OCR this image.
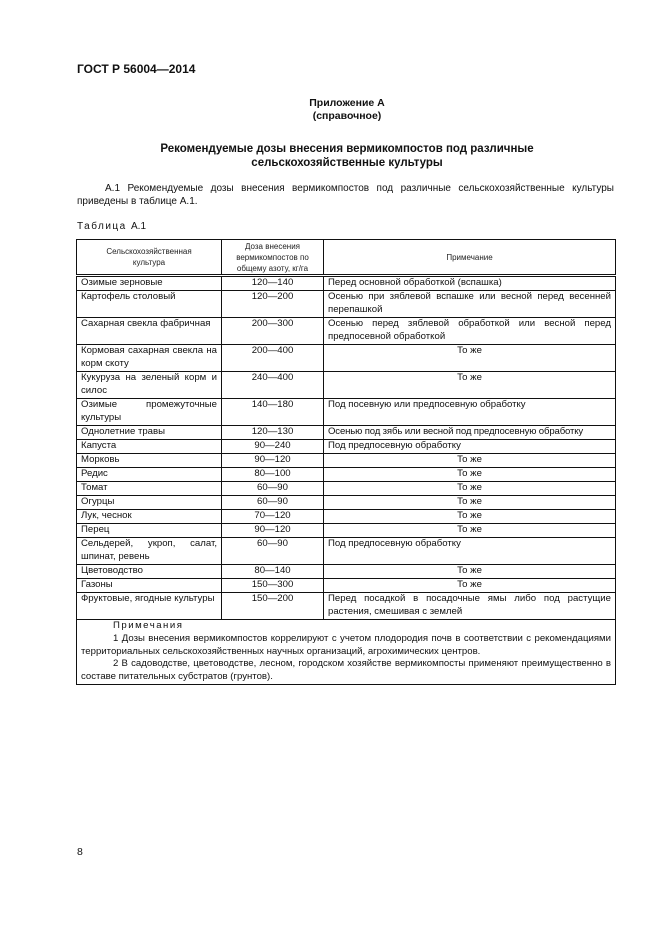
ГОСТ Р 56004—2014
Приложение А
(справочное)
Рекомендуемые дозы внесения вермикомпостов под различные
сельскохозяйственные культуры
А.1 Рекомендуемые дозы внесения вермикомпостов под различные сельскохозяйственные культуры приведены в таблице А.1.
Таблица А.1
Сельскохозяйственная культура	Доза внесения вермикомпостов по общему азоту, кг/га	Примечание
Озимые зерновые	120—140	Перед основной обработкой (вспашка)
Картофель столовый	120—200	Осенью при зяблевой вспашке или весной перед весенней перепашкой
Сахарная свекла фабричная	200—300	Осенью перед зяблевой обработкой или весной перед предпосевной обработкой
Кормовая сахарная свекла на корм скоту	200—400	То же
Кукуруза на зеленый корм и силос	240—400	То же
Озимые промежуточные культуры	140—180	Под посевную или предпосевную обработку
Однолетние травы	120—130	Осенью под зябь или весной под предпосевную обработку
Капуста	90—240	Под предпосевную обработку
Морковь	90—120	То же
Редис	80—100	То же
Томат	60—90	То же
Огурцы	60—90	То же
Лук, чеснок	70—120	То же
Перец	90—120	То же
Сельдерей, укроп, салат, шпинат, ревень	60—90	Под предпосевную обработку
Цветоводство	80—140	То же
Газоны	150—300	То же
Фруктовые, ягодные культуры	150—200	Перед посадкой в посадочные ямы либо под растущие растения, смешивая с землей

Примечания
1 Дозы внесения вермикомпостов коррелируют с учетом плодородия почв в соответствии с рекомендациями территориальных сельскохозяйственных научных организаций, агрохимических центров.
2 В садоводстве, цветоводстве, лесном, городском хозяйстве вермикомпосты применяют преимущественно в составе питательных субстратов (грунтов).		
8
